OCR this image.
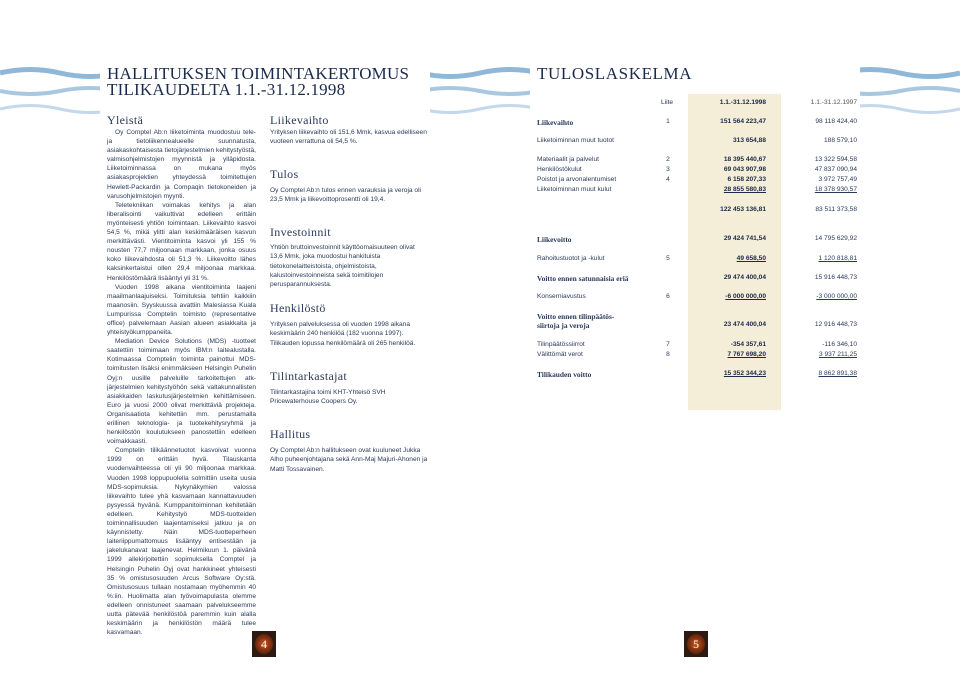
HALLITUKSEN TOIMINTAKERTOMUS
TILIKAUDELTA 1.1.-31.12.1998
Yleistä

Oy Comptel Ab:n liiketoiminta muodostuu tele- ja tietoliikennealueelle suunnatusta, asiakaskohtaisesta tietojärjestelmien kehitystyöstä, valmisohjelmistojen myynnistä ja ylläpidosta. Liiketoiminnassa on mukana myös asiakasprojektien yhteydessä toimitettujen Hewlett-Packardin ja Compaqin tietokoneiden ja varusohjelmistojen myynti.

Teletekniikan voimakas kehitys ja alan liberalisointi vaikuttivat edelleen erittäin myönteisesti yhtiön toimintaan. Liikevaihto kasvoi 54,5 %, mikä ylitti alan keskimääräisen kasvun merkittävästi. Vientitoiminta kasvoi yli 155 % nousten 77,7 miljoonaan markkaan, jonka osuus koko liikevaihdosta oli 51,3 %. Liikevoitto lähes kaksinkertaistui ollen 29,4 miljoonaa markkaa. Henkilöstömäärä lisääntyi yli 31 %.

Vuoden 1998 aikana vientitoiminta laajeni maailmanlaajuiseksi. Toimituksia tehtiin kaikkiin maanosiin. Syyskuussa avattiin Malesiassa Kuala Lumpurissa Comptelin toimisto (representative office) palvelemaan Aasian alueen asiakkaita ja yhteistyökumppaneita.

Mediation Device Solutions (MDS) -tuotteet saatettiin toimimaan myös IBM:n laitealustalla. Kotimaassa Comptelin toiminta painottui MDS-toimitusten lisäksi enimmäkseen Helsingin Puhelin Oyj:n uusille palveluille tarkoitettujen atk-järjestelmien kehitystyöhön sekä valtakunnallisten asiakkaiden laskutusjärjestelmien kehittämiseen. Euro ja vuosi 2000 olivat merkittäviä projekteja. Organisaatiota kehitettiin mm. perustamalla erillinen teknologia- ja tuotekehitysryhmä ja henkilöstön koulutukseen panostettiin edelleen voimakkaasti.

Comptelin tilikäännetuotot kasvoivat vuonna 1999 on erittäin hyvä. Tilauskanta vuodenvaihteessa oli yli 90 miljoonaa markkaa. Vuoden 1998 loppupuolella solmittiin useita uusia MDS-sopimuksia. Nykynäkymien valossa liikevaihto tulee yhä kasvamaan kannattavuuden pysyessä hyvänä. Kumppanitoiminnan kehitetään edelleen. Kehitystyö MDS-tuotteiden toiminnallisuuden laajentamiseksi jatkuu ja on käynnistetty. Näin MDS-tuotteperheen laiteriippumattomuus lisääntyy entisestään ja jakelukanavat laajenevat. Helmikuun 1. päivänä 1999 allekirjoitettiin sopimuksella Comptel ja Helsingin Puhelin Oyj ovat hankkineet yhteisesti 35 % omistusosuuden Arcus Software Oy:stä. Omistusosuus tullaan nostamaan myöhemmin 40 %:iin. Huolimatta alan työvoimapulasta olemme edelleen onnistuneet saamaan palvelukseemme uutta pätevää henkilöstöä paremmin kuin alalla keskimäärin ja henkilöstön määrä tulee kasvamaan.

Liikevaihto
Yrityksen liikevaihto oli 151,6 Mmk, kasvua edelliseen vuoteen verrattuna oli 54,5 %.
Tulos
Oy Comptel Ab:n tulos ennen varauksia ja veroja oli 23,5 Mmk ja liikevoittoprosentti oli 19,4.
Investoinnit
Yhtiön bruttoinvestoinnit käyttöomaisuuteen olivat 13,6 Mmk, joka muodostui hankituista tietokonelaitteistoista, ohjelmistoista, kalustoinvestoinneista sekä toimitilojen perusparannuksesta.
Henkilöstö
Yrityksen palveluksessa oli vuoden 1998 aikana keskimäärin 240 henkilöä (182 vuonna 1997). Tilikauden lopussa henkilömäärä oli 265 henkilöä.
Tilintarkastajat
Tilintarkastajina toimi KHT-Yhteisö SVH Pricewaterhouse Coopers Oy.
Hallitus
Oy Comptel Ab:n hallitukseen ovat kuuluneet Jukka Alho puheenjohtajana sekä Ann-Maj Majuri-Ahonen ja Matti Tossavainen.
4
TULOSLASKELMA
Liite	1.1.-31.12.1998	1.1.-31.12.1997
Liikevaihto	1	151 564 223,47	98 118 424,40
Liiketoiminnan muut tuotot	313 654,88	188 579,10
Materiaalit ja palvelut	2	18 395 440,67	13 322 594,58
Henkilöstökulut	3	69 043 907,98	47 837 090,94
Poistot ja arvonalentumiset	4	6 158 207,33	3 972 757,49
Liiketoiminnan muut kulut	28 855 580,83	18 378 930,57
122 453 136,81	83 511 373,58
Liikevoitto	29 424 741,54	14 795 629,92
Rahoitustuotot ja -kulut	5	49 658,50	1 120 818,81
Voitto ennen satunnaisia eriä	29 474 400,04	15 916 448,73
Konserniavustus	6	-6 000 000,00	-3 000 000,00
Voitto ennen tilinpäätös-
siirtoja ja veroja	23 474 400,04	12 916 448,73
Tilinpäätössiirrot	7	-354 357,61	-116 346,10
Välittömät verot	8	7 767 698,20	3 937 211,25
Tilikauden voitto	15 352 344,23	8 862 891,38
5
